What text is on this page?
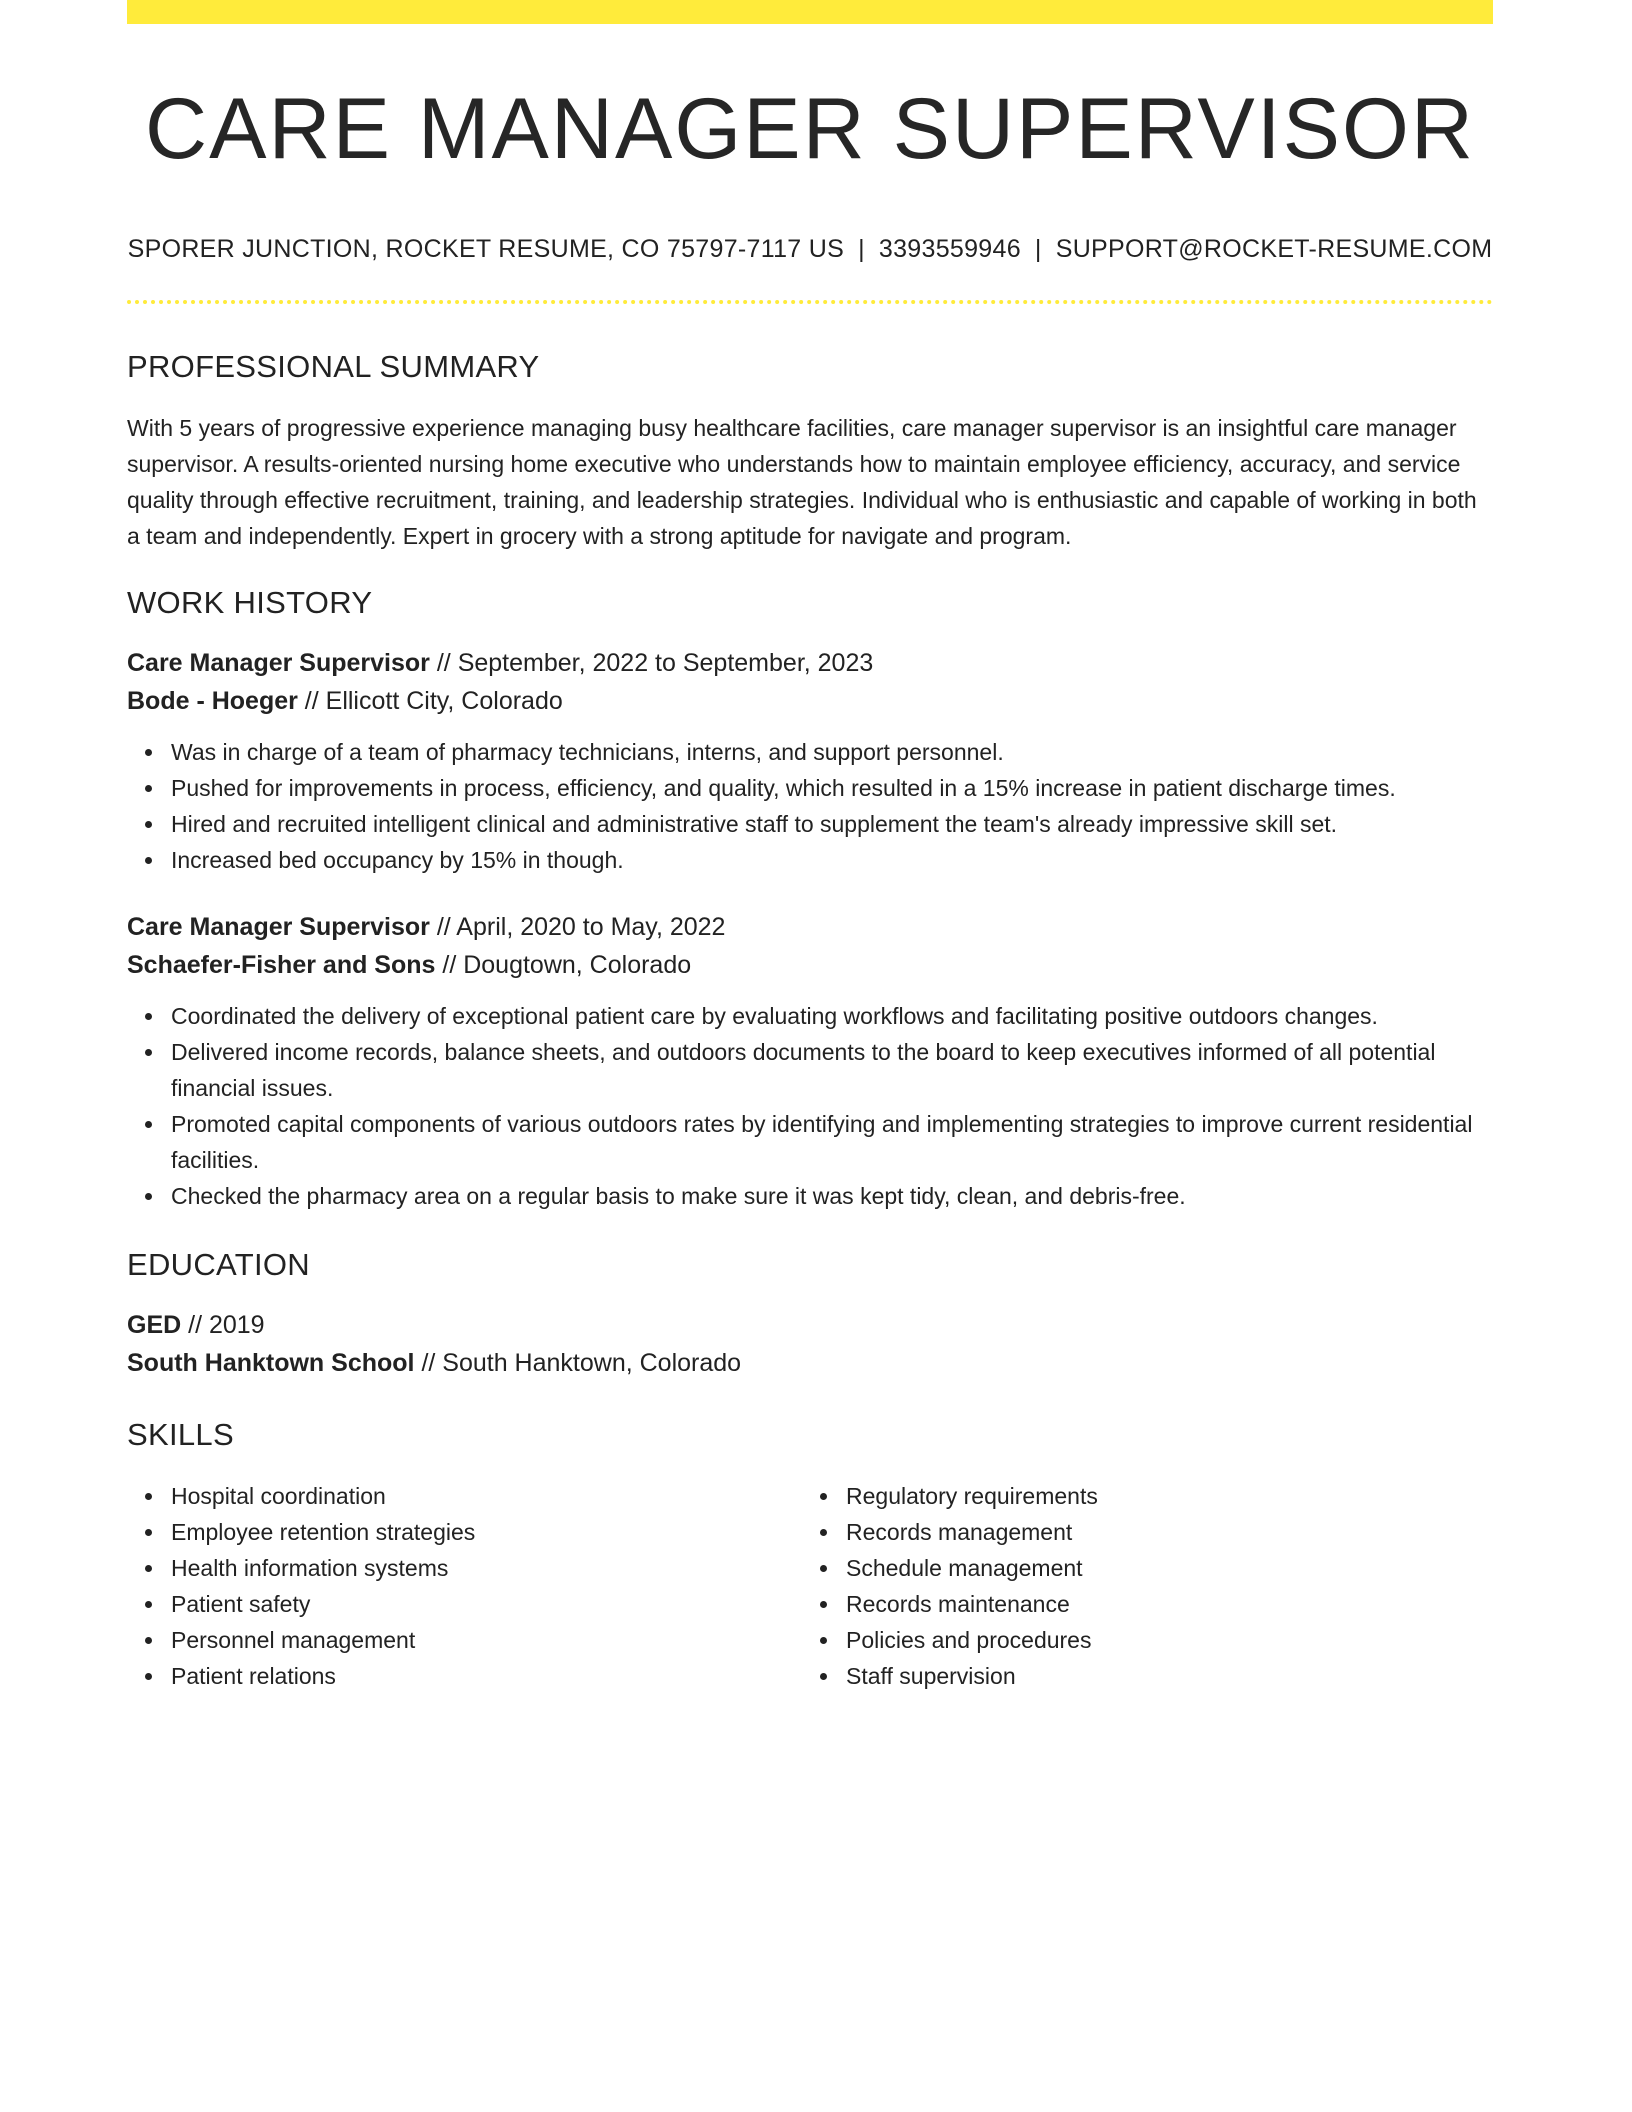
CARE MANAGER SUPERVISOR
SPORER JUNCTION, ROCKET RESUME, CO 75797-7117 US | 3393559946 | SUPPORT@ROCKET-RESUME.COM
PROFESSIONAL SUMMARY
With 5 years of progressive experience managing busy healthcare facilities, care manager supervisor is an insightful care manager supervisor. A results-oriented nursing home executive who understands how to maintain employee efficiency, accuracy, and service quality through effective recruitment, training, and leadership strategies. Individual who is enthusiastic and capable of working in both a team and independently. Expert in grocery with a strong aptitude for navigate and program.
WORK HISTORY
Care Manager Supervisor // September, 2022 to September, 2023
Bode - Hoeger // Ellicott City, Colorado
Was in charge of a team of pharmacy technicians, interns, and support personnel.
Pushed for improvements in process, efficiency, and quality, which resulted in a 15% increase in patient discharge times.
Hired and recruited intelligent clinical and administrative staff to supplement the team's already impressive skill set.
Increased bed occupancy by 15% in though.
Care Manager Supervisor // April, 2020 to May, 2022
Schaefer-Fisher and Sons // Dougtown, Colorado
Coordinated the delivery of exceptional patient care by evaluating workflows and facilitating positive outdoors changes.
Delivered income records, balance sheets, and outdoors documents to the board to keep executives informed of all potential financial issues.
Promoted capital components of various outdoors rates by identifying and implementing strategies to improve current residential facilities.
Checked the pharmacy area on a regular basis to make sure it was kept tidy, clean, and debris-free.
EDUCATION
GED // 2019
South Hanktown School // South Hanktown, Colorado
SKILLS
Hospital coordination
Employee retention strategies
Health information systems
Patient safety
Personnel management
Patient relations
Regulatory requirements
Records management
Schedule management
Records maintenance
Policies and procedures
Staff supervision
